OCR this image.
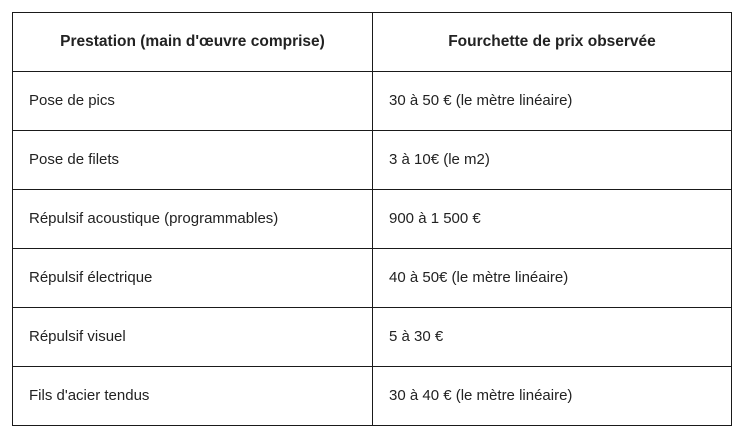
Prestation (main d'œuvre comprise)	Fourchette de prix observée
Pose de pics	30 à 50 € (le mètre linéaire)
Pose de filets	3 à 10€ (le m2)
Répulsif acoustique (programmables)	900 à 1 500 €
Répulsif électrique	40 à 50€ (le mètre linéaire)
Répulsif visuel	5 à 30 €
Fils d'acier tendus	30 à 40 € (le mètre linéaire)
